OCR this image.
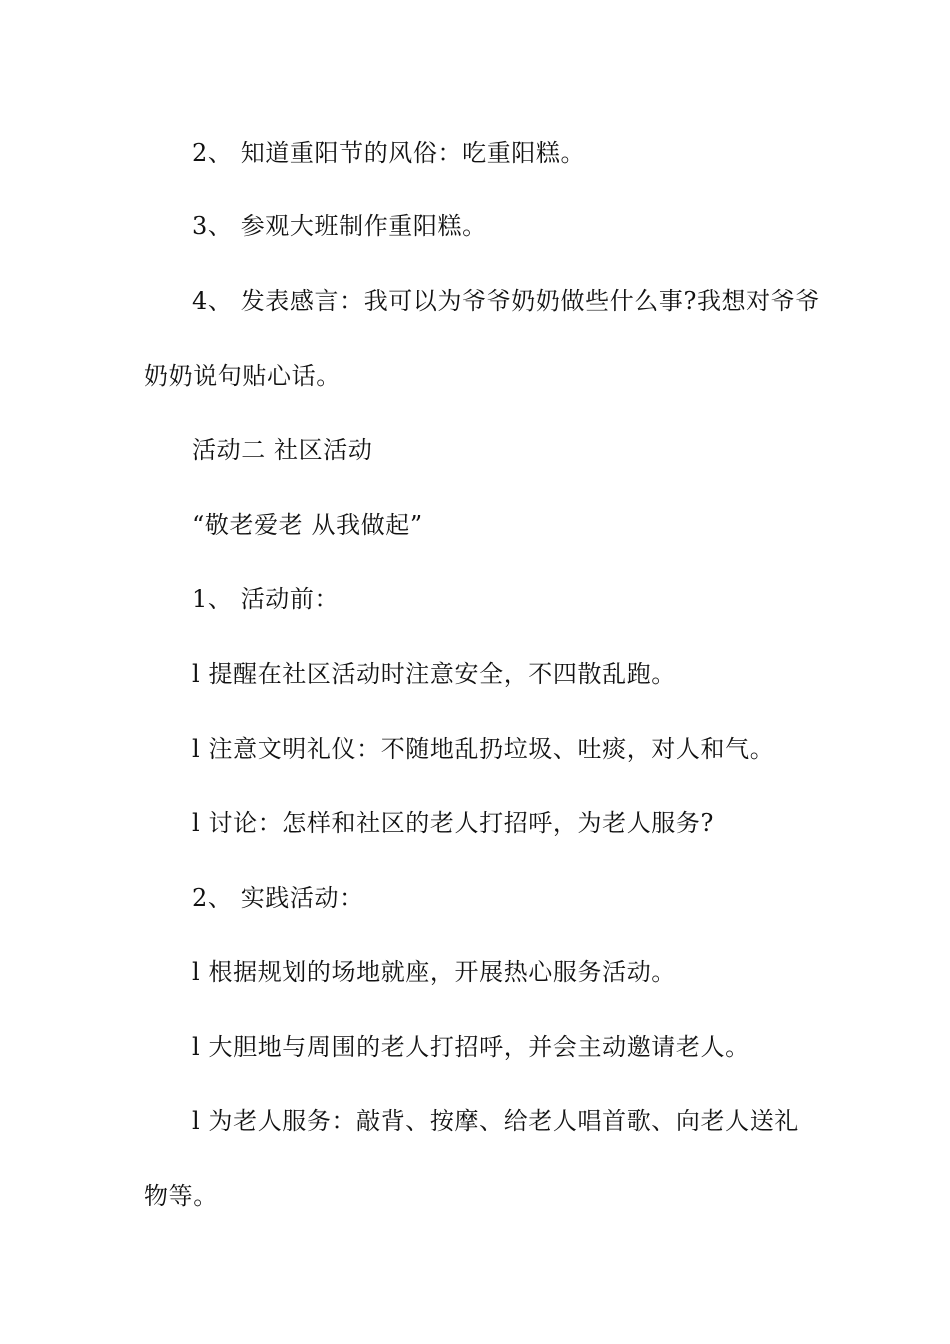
2、 知道重阳节的风俗：吃重阳糕。
3、 参观大班制作重阳糕。
4、 发表感言：我可以为爷爷奶奶做些什么事?我想对爷爷
奶奶说句贴心话。
活动二 社区活动
“敬老爱老 从我做起”
1、 活动前：
l 提醒在社区活动时注意安全，不四散乱跑。
l 注意文明礼仪：不随地乱扔垃圾、吐痰，对人和气。
l 讨论：怎样和社区的老人打招呼，为老人服务?
2、 实践活动：
l 根据规划的场地就座，开展热心服务活动。
l 大胆地与周围的老人打招呼，并会主动邀请老人。
l 为老人服务：敲背、按摩、给老人唱首歌、向老人送礼
物等。
